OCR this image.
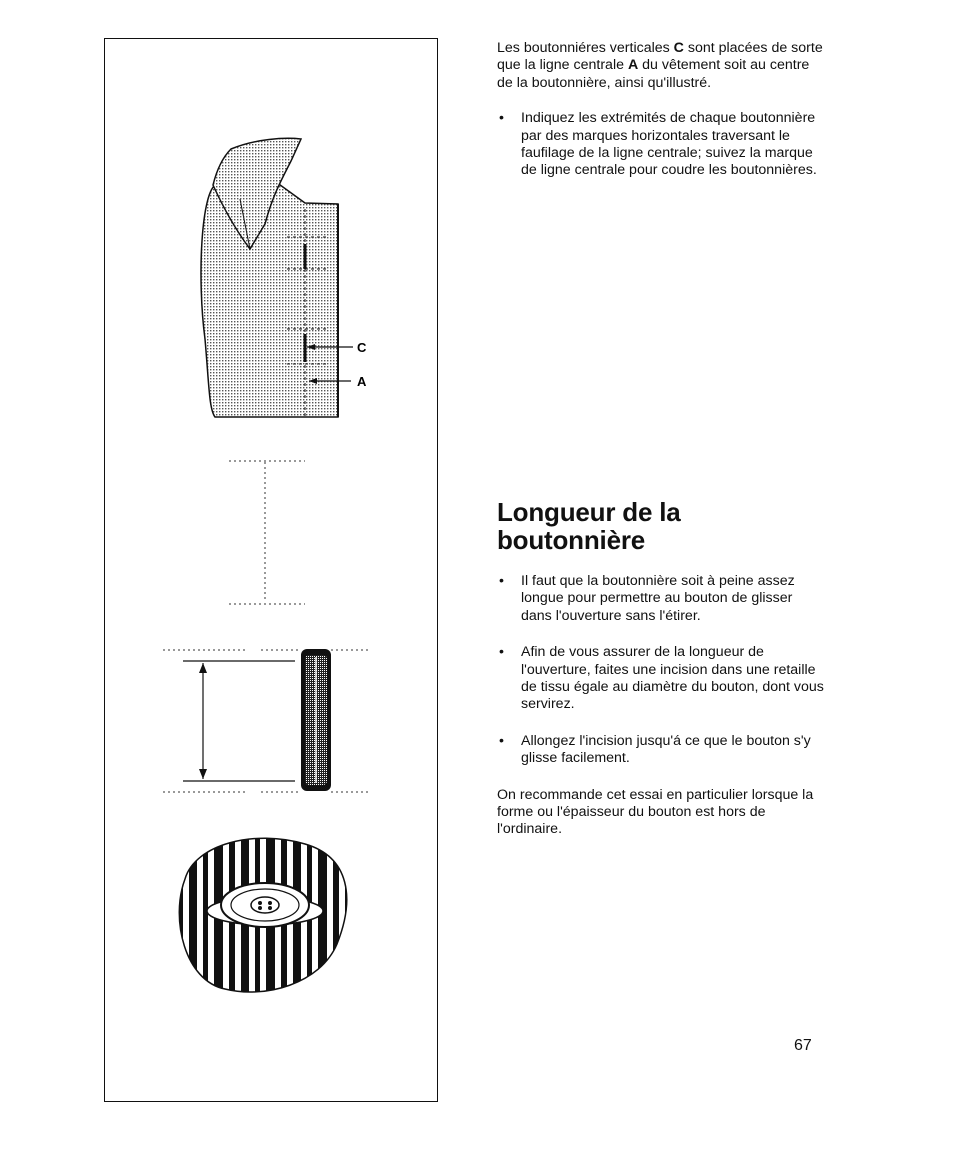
C
A

Les boutonniéres verticales C sont placées de sorte que la ligne centrale A du vêtement soit au centre de la boutonnière, ainsi qu'illustré.

• Indiquez les extrémités de chaque boutonnière par des marques horizontales traversant le faufilage de la ligne centrale; suivez la marque de ligne centrale pour coudre les boutonnières.

Longueur de la
boutonnière

• Il faut que la boutonnière soit à peine assez longue pour permettre au bouton de glisser dans l'ouverture sans l'étirer.

• Afin de vous assurer de la longueur de l'ouverture, faites une incision dans une retaille de tissu égale au diamètre du bouton, dont vous servirez.

• Allongez l'incision jusqu'á ce que le bouton s'y glisse facilement.

On recommande cet essai en particulier lorsque la forme ou l'épaisseur du bouton est hors de l'ordinaire.

67
